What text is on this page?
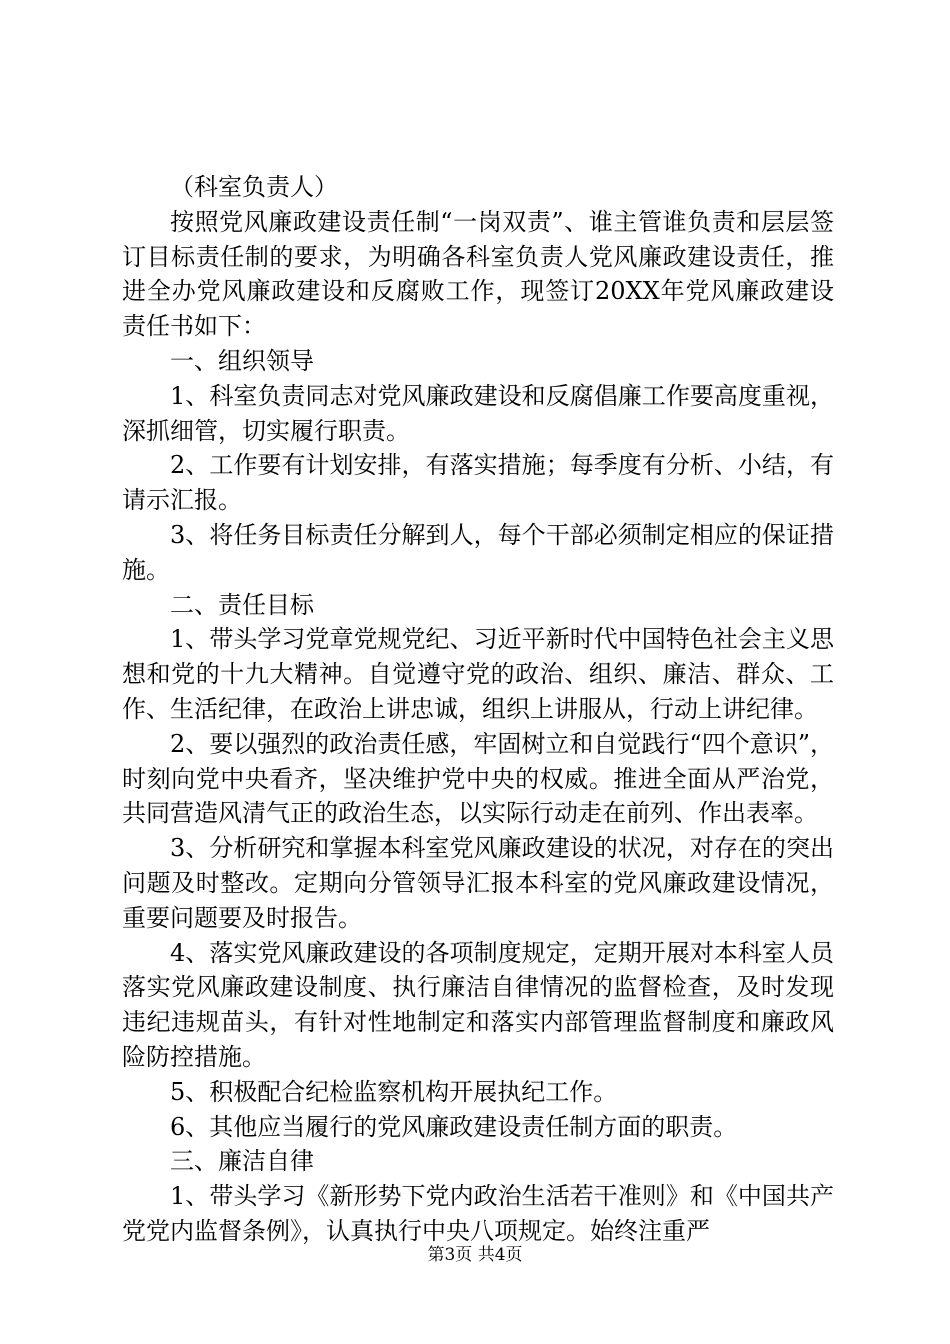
（科室负责人）

按照党风廉政建设责任制“一岗双责”、谁主管谁负责和层层签订目标责任制的要求，为明确各科室负责人党风廉政建设责任，推进全办党风廉政建设和反腐败工作，现签订20XX年党风廉政建设责任书如下：

一、组织领导

1、科室负责同志对党风廉政建设和反腐倡廉工作要高度重视，深抓细管，切实履行职责。

2、工作要有计划安排，有落实措施；每季度有分析、小结，有请示汇报。

3、将任务目标责任分解到人，每个干部必须制定相应的保证措施。

二、责任目标

1、带头学习党章党规党纪、习近平新时代中国特色社会主义思想和党的十九大精神。自觉遵守党的政治、组织、廉洁、群众、工作、生活纪律，在政治上讲忠诚，组织上讲服从，行动上讲纪律。

2、要以强烈的政治责任感，牢固树立和自觉践行“四个意识”，时刻向党中央看齐，坚决维护党中央的权威。推进全面从严治党，共同营造风清气正的政治生态，以实际行动走在前列、作出表率。

3、分析研究和掌握本科室党风廉政建设的状况，对存在的突出问题及时整改。定期向分管领导汇报本科室的党风廉政建设情况，重要问题要及时报告。

4、落实党风廉政建设的各项制度规定，定期开展对本科室人员落实党风廉政建设制度、执行廉洁自律情况的监督检查，及时发现违纪违规苗头，有针对性地制定和落实内部管理监督制度和廉政风险防控措施。

5、积极配合纪检监察机构开展执纪工作。

6、其他应当履行的党风廉政建设责任制方面的职责。

三、廉洁自律

1、带头学习《新形势下党内政治生活若干准则》和《中国共产党党内监督条例》，认真执行中央八项规定。始终注重严

第3页 共4页
